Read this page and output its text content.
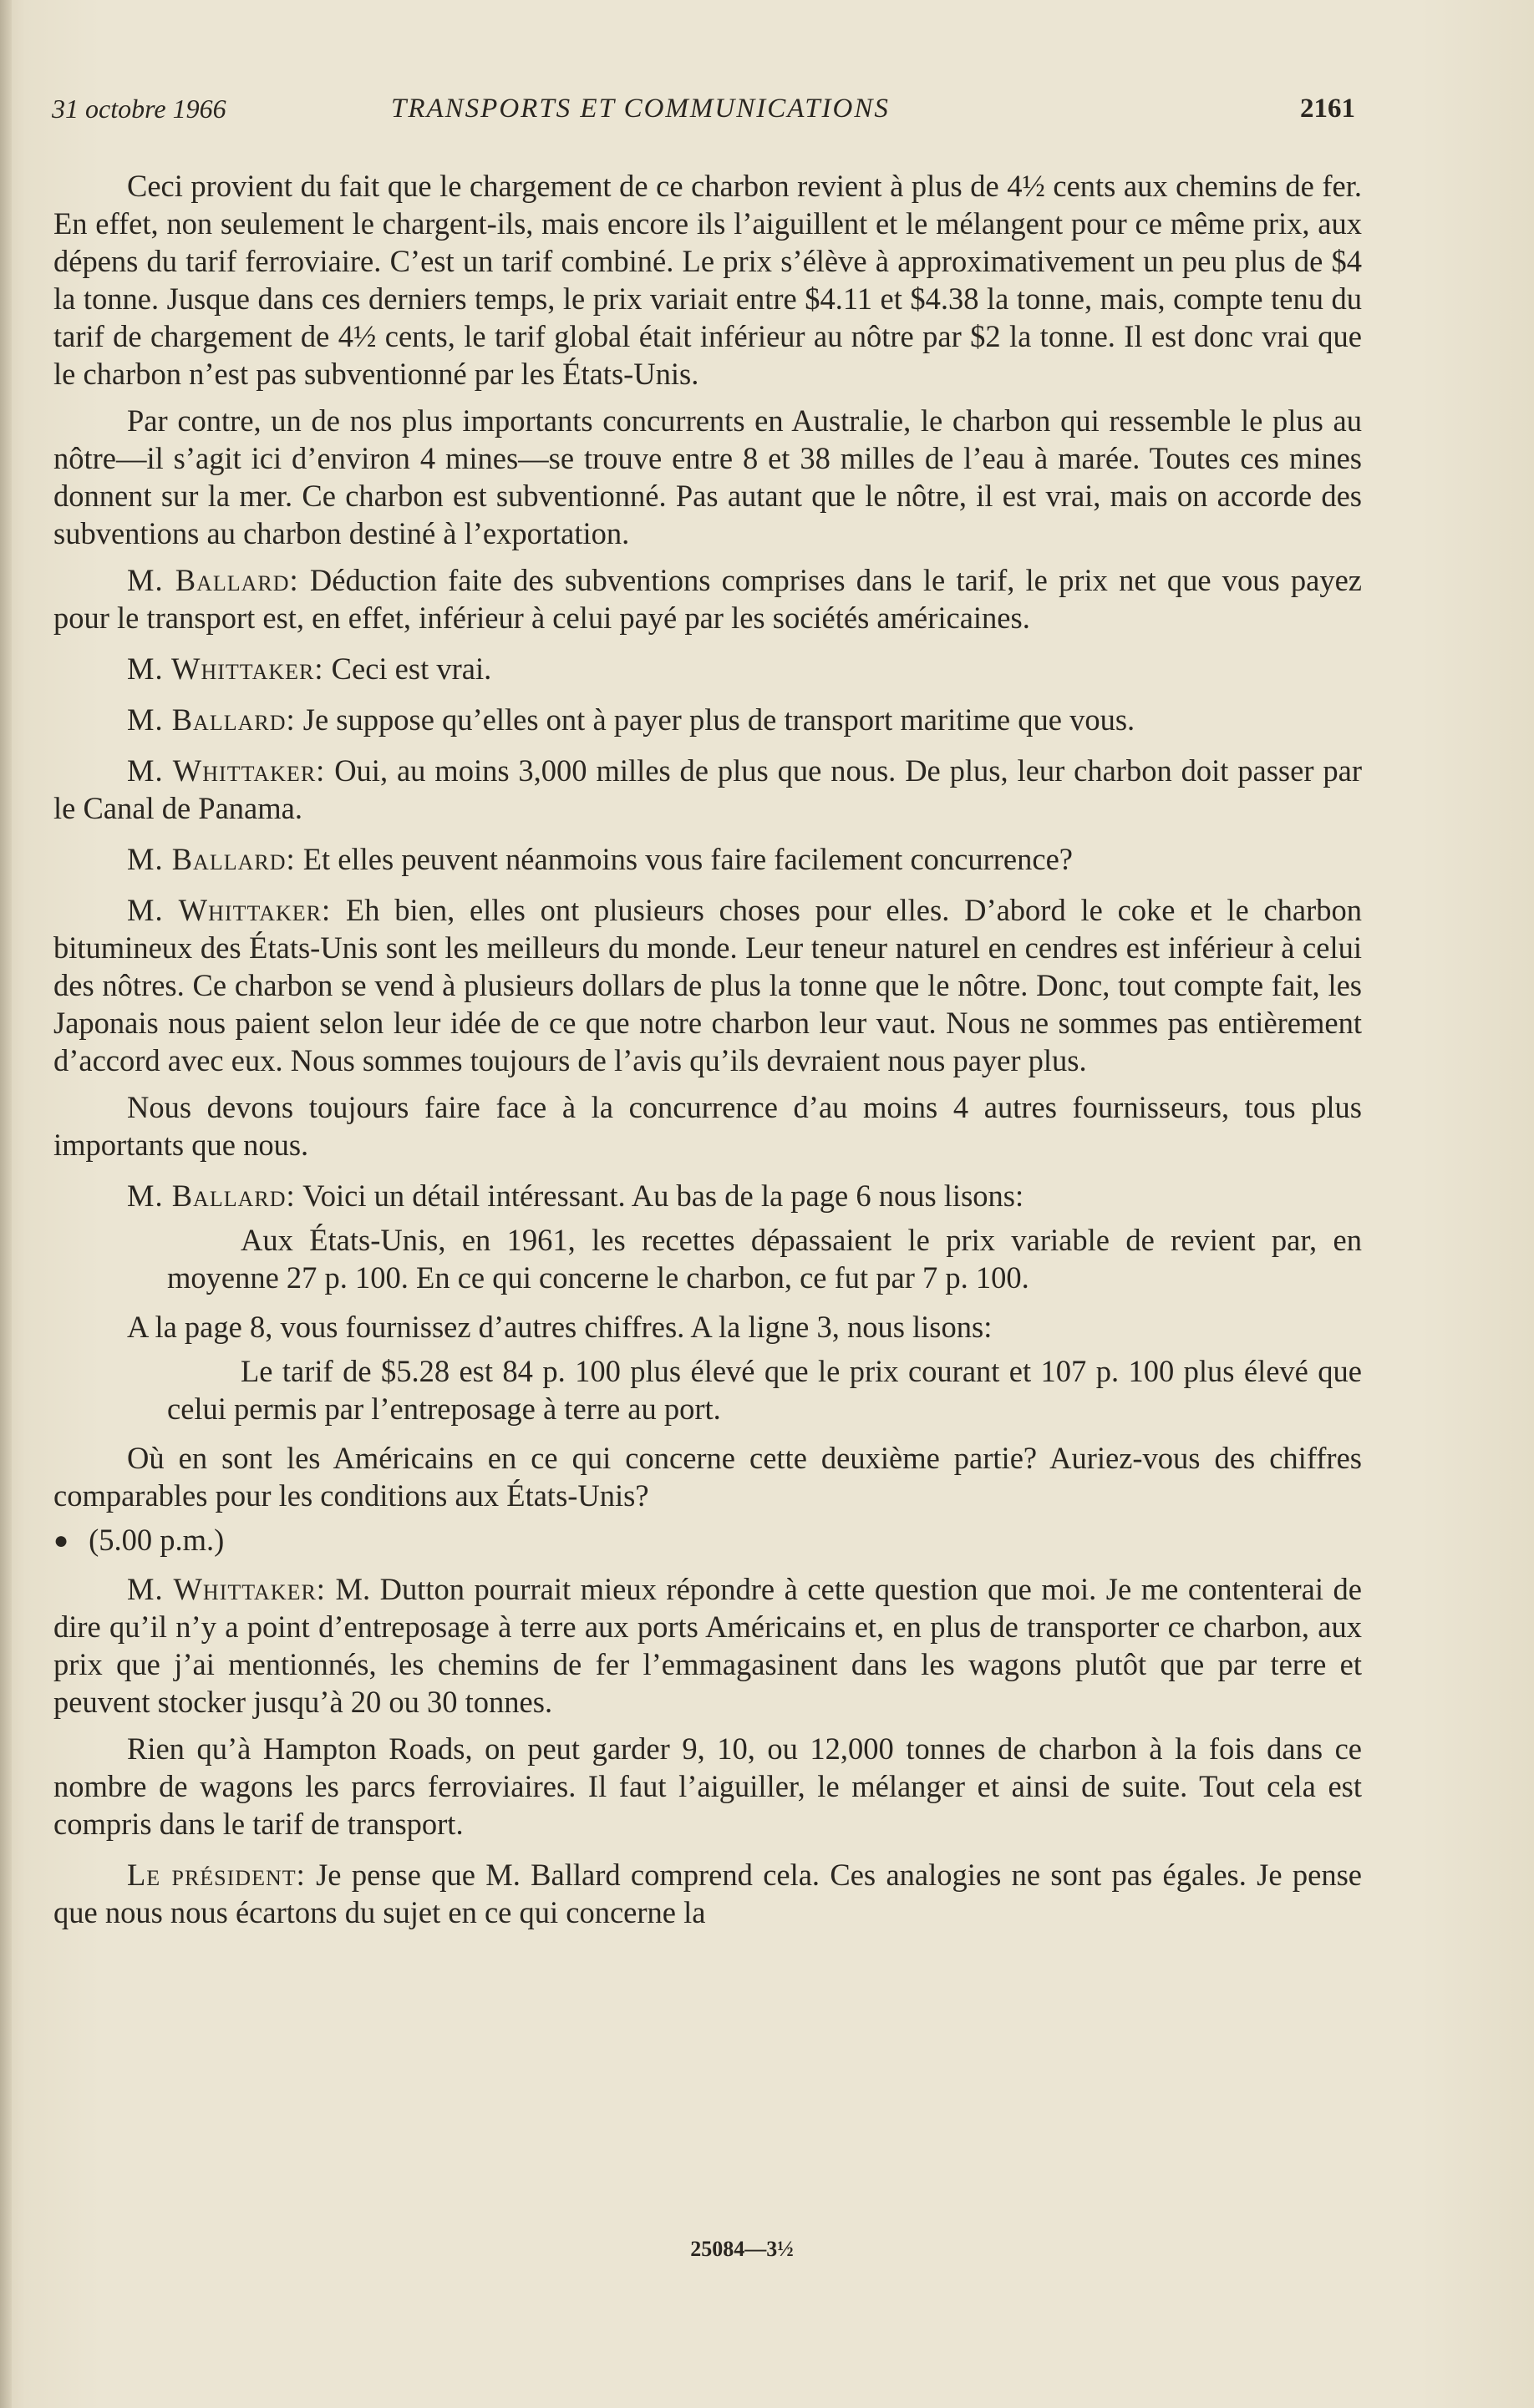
31 octobre 1966	TRANSPORTS ET COMMUNICATIONS	2161

Ceci provient du fait que le chargement de ce charbon revient à plus de 4½ cents aux chemins de fer. En effet, non seulement le chargent-ils, mais encore ils l’aiguillent et le mélangent pour ce même prix, aux dépens du tarif ferroviaire. C’est un tarif combiné. Le prix s’élève à approximativement un peu plus de $4 la tonne. Jusque dans ces derniers temps, le prix variait entre $4.11 et $4.38 la tonne, mais, compte tenu du tarif de chargement de 4½ cents, le tarif global était inférieur au nôtre par $2 la tonne. Il est donc vrai que le charbon n’est pas subventionné par les États-Unis.

Par contre, un de nos plus importants concurrents en Australie, le charbon qui ressemble le plus au nôtre—il s’agit ici d’environ 4 mines—se trouve entre 8 et 38 milles de l’eau à marée. Toutes ces mines donnent sur la mer. Ce charbon est subventionné. Pas autant que le nôtre, il est vrai, mais on accorde des subventions au charbon destiné à l’exportation.

M. Ballard: Déduction faite des subventions comprises dans le tarif, le prix net que vous payez pour le transport est, en effet, inférieur à celui payé par les sociétés américaines.

M. Whittaker: Ceci est vrai.

M. Ballard: Je suppose qu’elles ont à payer plus de transport maritime que vous.

M. Whittaker: Oui, au moins 3,000 milles de plus que nous. De plus, leur charbon doit passer par le Canal de Panama.

M. Ballard: Et elles peuvent néanmoins vous faire facilement concurrence?

M. Whittaker: Eh bien, elles ont plusieurs choses pour elles. D’abord le coke et le charbon bitumineux des États-Unis sont les meilleurs du monde. Leur teneur naturel en cendres est inférieur à celui des nôtres. Ce charbon se vend à plusieurs dollars de plus la tonne que le nôtre. Donc, tout compte fait, les Japonais nous paient selon leur idée de ce que notre charbon leur vaut. Nous ne sommes pas entièrement d’accord avec eux. Nous sommes toujours de l’avis qu’ils devraient nous payer plus.

Nous devons toujours faire face à la concurrence d’au moins 4 autres fournisseurs, tous plus importants que nous.

M. Ballard: Voici un détail intéressant. Au bas de la page 6 nous lisons:

Aux États-Unis, en 1961, les recettes dépassaient le prix variable de revient par, en moyenne 27 p. 100. En ce qui concerne le charbon, ce fut par 7 p. 100.

A la page 8, vous fournissez d’autres chiffres. A la ligne 3, nous lisons:

Le tarif de $5.28 est 84 p. 100 plus élevé que le prix courant et 107 p. 100 plus élevé que celui permis par l’entreposage à terre au port.

Où en sont les Américains en ce qui concerne cette deuxième partie? Auriez-vous des chiffres comparables pour les conditions aux États-Unis?

● (5.00 p.m.)

M. Whittaker: M. Dutton pourrait mieux répondre à cette question que moi. Je me contenterai de dire qu’il n’y a point d’entreposage à terre aux ports Américains et, en plus de transporter ce charbon, aux prix que j’ai mentionnés, les chemins de fer l’emmagasinent dans les wagons plutôt que par terre et peuvent stocker jusqu’à 20 ou 30 tonnes.

Rien qu’à Hampton Roads, on peut garder 9, 10, ou 12,000 tonnes de charbon à la fois dans ce nombre de wagons les parcs ferroviaires. Il faut l’aiguiller, le mélanger et ainsi de suite. Tout cela est compris dans le tarif de transport.

Le président: Je pense que M. Ballard comprend cela. Ces analogies ne sont pas égales. Je pense que nous nous écartons du sujet en ce qui concerne la

25084—3½
